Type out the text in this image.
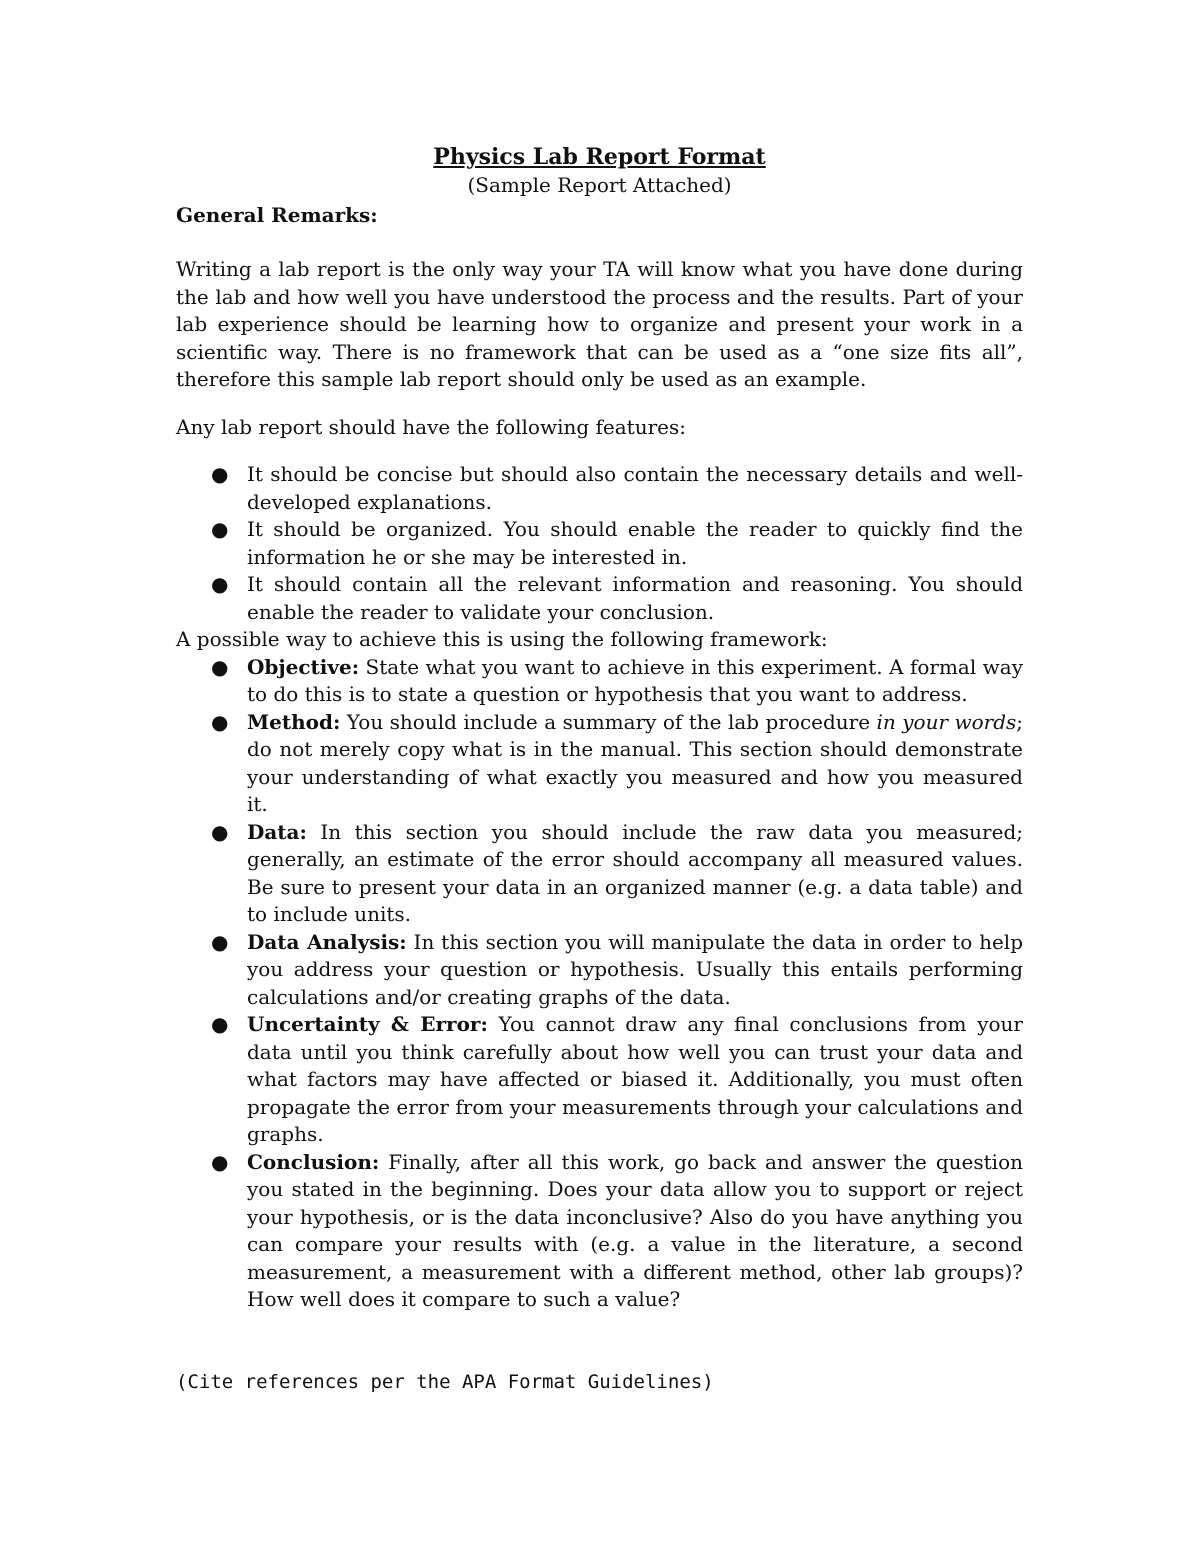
Physics Lab Report Format

(Sample Report Attached)

General Remarks:

Writing a lab report is the only way your TA will know what you have done during the lab and how well you have understood the process and the results. Part of your lab experience should be learning how to organize and present your work in a scientific way. There is no framework that can be used as a “one size fits all”, therefore this sample lab report should only be used as an example.

Any lab report should have the following features:

● It should be concise but should also contain the necessary details and well-developed explanations.
● It should be organized. You should enable the reader to quickly find the information he or she may be interested in.
● It should contain all the relevant information and reasoning. You should enable the reader to validate your conclusion.

A possible way to achieve this is using the following framework:

● Objective: State what you want to achieve in this experiment. A formal way to do this is to state a question or hypothesis that you want to address.
● Method: You should include a summary of the lab procedure in your words; do not merely copy what is in the manual. This section should demonstrate your understanding of what exactly you measured and how you measured it.
● Data: In this section you should include the raw data you measured; generally, an estimate of the error should accompany all measured values. Be sure to present your data in an organized manner (e.g. a data table) and to include units.
● Data Analysis: In this section you will manipulate the data in order to help you address your question or hypothesis. Usually this entails performing calculations and/or creating graphs of the data.
● Uncertainty & Error: You cannot draw any final conclusions from your data until you think carefully about how well you can trust your data and what factors may have affected or biased it. Additionally, you must often propagate the error from your measurements through your calculations and graphs.
● Conclusion: Finally, after all this work, go back and answer the question you stated in the beginning. Does your data allow you to support or reject your hypothesis, or is the data inconclusive? Also do you have anything you can compare your results with (e.g. a value in the literature, a second measurement, a measurement with a different method, other lab groups)? How well does it compare to such a value?

(Cite references per the APA Format Guidelines)
